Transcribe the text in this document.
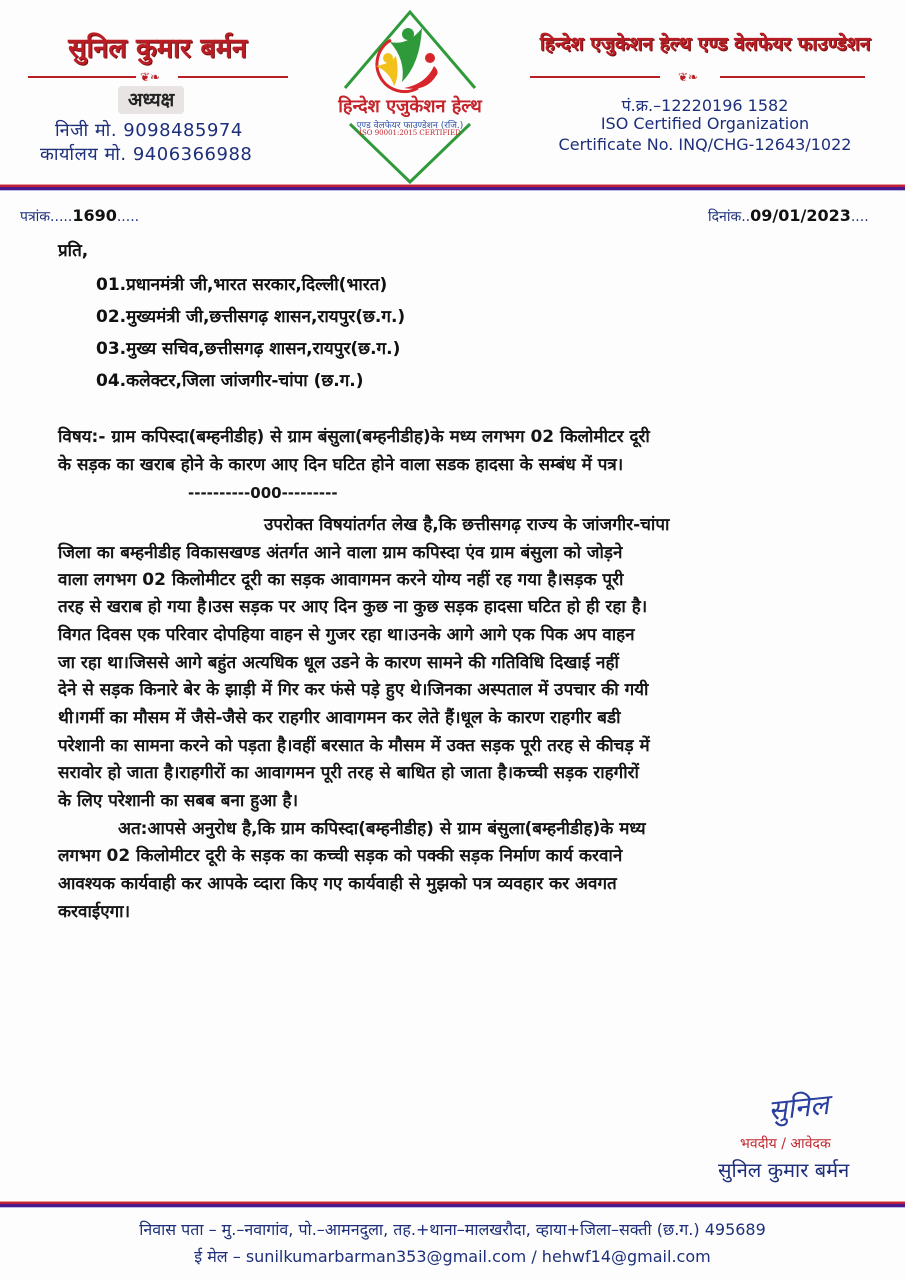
सुनिल कुमार बर्मन
❦❧
अध्यक्ष
निजी मो. 9098485974
कार्यालय मो. 9406366988
हिन्देश एजुकेशन हेल्थ
एण्ड वेलफेयर फाउण्डेशन (रजि.)
ISO 90001:2015 CERTIFIED
हिन्देश एजुकेशन हेल्थ एण्ड वेलफेयर फाउण्डेशन
❦❧
पं.क्र.–12220196 1582
ISO Certified Organization
Certificate No. INQ/CHG-12643/1022
पत्रांक.....1690.....	दिनांक..09/01/2023....
प्रति,
01.प्रधानमंत्री जी,भारत सरकार,दिल्ली(भारत)
02.मुख्यमंत्री जी,छत्तीसगढ़ शासन,रायपुर(छ.ग.)
03.मुख्य सचिव,छत्तीसगढ़ शासन,रायपुर(छ.ग.)
04.कलेक्टर,जिला जांजगीर-चांपा (छ.ग.)
विषय:- ग्राम कपिस्दा(बम्हनीडीह) से ग्राम बंसुला(बम्हनीडीह)के मध्य लगभग 02 किलोमीटर दूरी
के सड़क का खराब होने के कारण आए दिन घटित होने वाला सडक हादसा के सम्बंध में पत्र।
----------000---------
उपरोक्त विषयांतर्गत लेख है,कि छत्तीसगढ़ राज्य के जांजगीर-चांपा
जिला का बम्हनीडीह विकासखण्ड अंतर्गत आने वाला ग्राम कपिस्दा एंव ग्राम बंसुला को जोड़ने
वाला लगभग 02 किलोमीटर दूरी का सड़क आवागमन करने योग्य नहीं रह गया है।सड़क पूरी
तरह से खराब हो गया है।उस सड़क पर आए दिन कुछ ना कुछ सड़क हादसा घटित हो ही रहा है।
विगत दिवस एक परिवार दोपहिया वाहन से गुजर रहा था।उनके आगे आगे एक पिक अप वाहन
जा रहा था।जिससे आगे बहुंत अत्यधिक धूल उडने के कारण सामने की गतिविधि दिखाई नहीं
देने से सड़क किनारे बेर के झाड़ी में गिर कर फंसे पड़े हुए थे।जिनका अस्पताल में उपचार की गयी
थी।गर्मी का मौसम में जैसे-जैसे कर राहगीर आवागमन कर लेते हैं।धूल के कारण राहगीर बडी
परेशानी का सामना करने को पड़ता है।वहीं बरसात के मौसम में उक्त सड़क पूरी तरह से कीचड़ में
सरावोर हो जाता है।राहगीरों का आवागमन पूरी तरह से बाधित हो जाता है।कच्ची सड़क राहगीरों
के लिए परेशानी का सबब बना हुआ है।
अत:आपसे अनुरोध है,कि ग्राम कपिस्दा(बम्हनीडीह) से ग्राम बंसुला(बम्हनीडीह)के मध्य
लगभग 02 किलोमीटर दूरी के सड़क का कच्ची सड़क को पक्की सड़क निर्माण कार्य करवाने
आवश्यक कार्यवाही कर आपके व्दारा किए गए कार्यवाही से मुझको पत्र व्यवहार कर अवगत
करवाईएगा।
सुनिल
भवदीय / आवेदक
सुनिल कुमार बर्मन
निवास पता – मु.–नवागांव, पो.–आमनदुला, तह.+थाना–मालखरौदा, व्हाया+जिला–सक्ती (छ.ग.) 495689
ई मेल – sunilkumarbarman353@gmail.com / hehwf14@gmail.com
